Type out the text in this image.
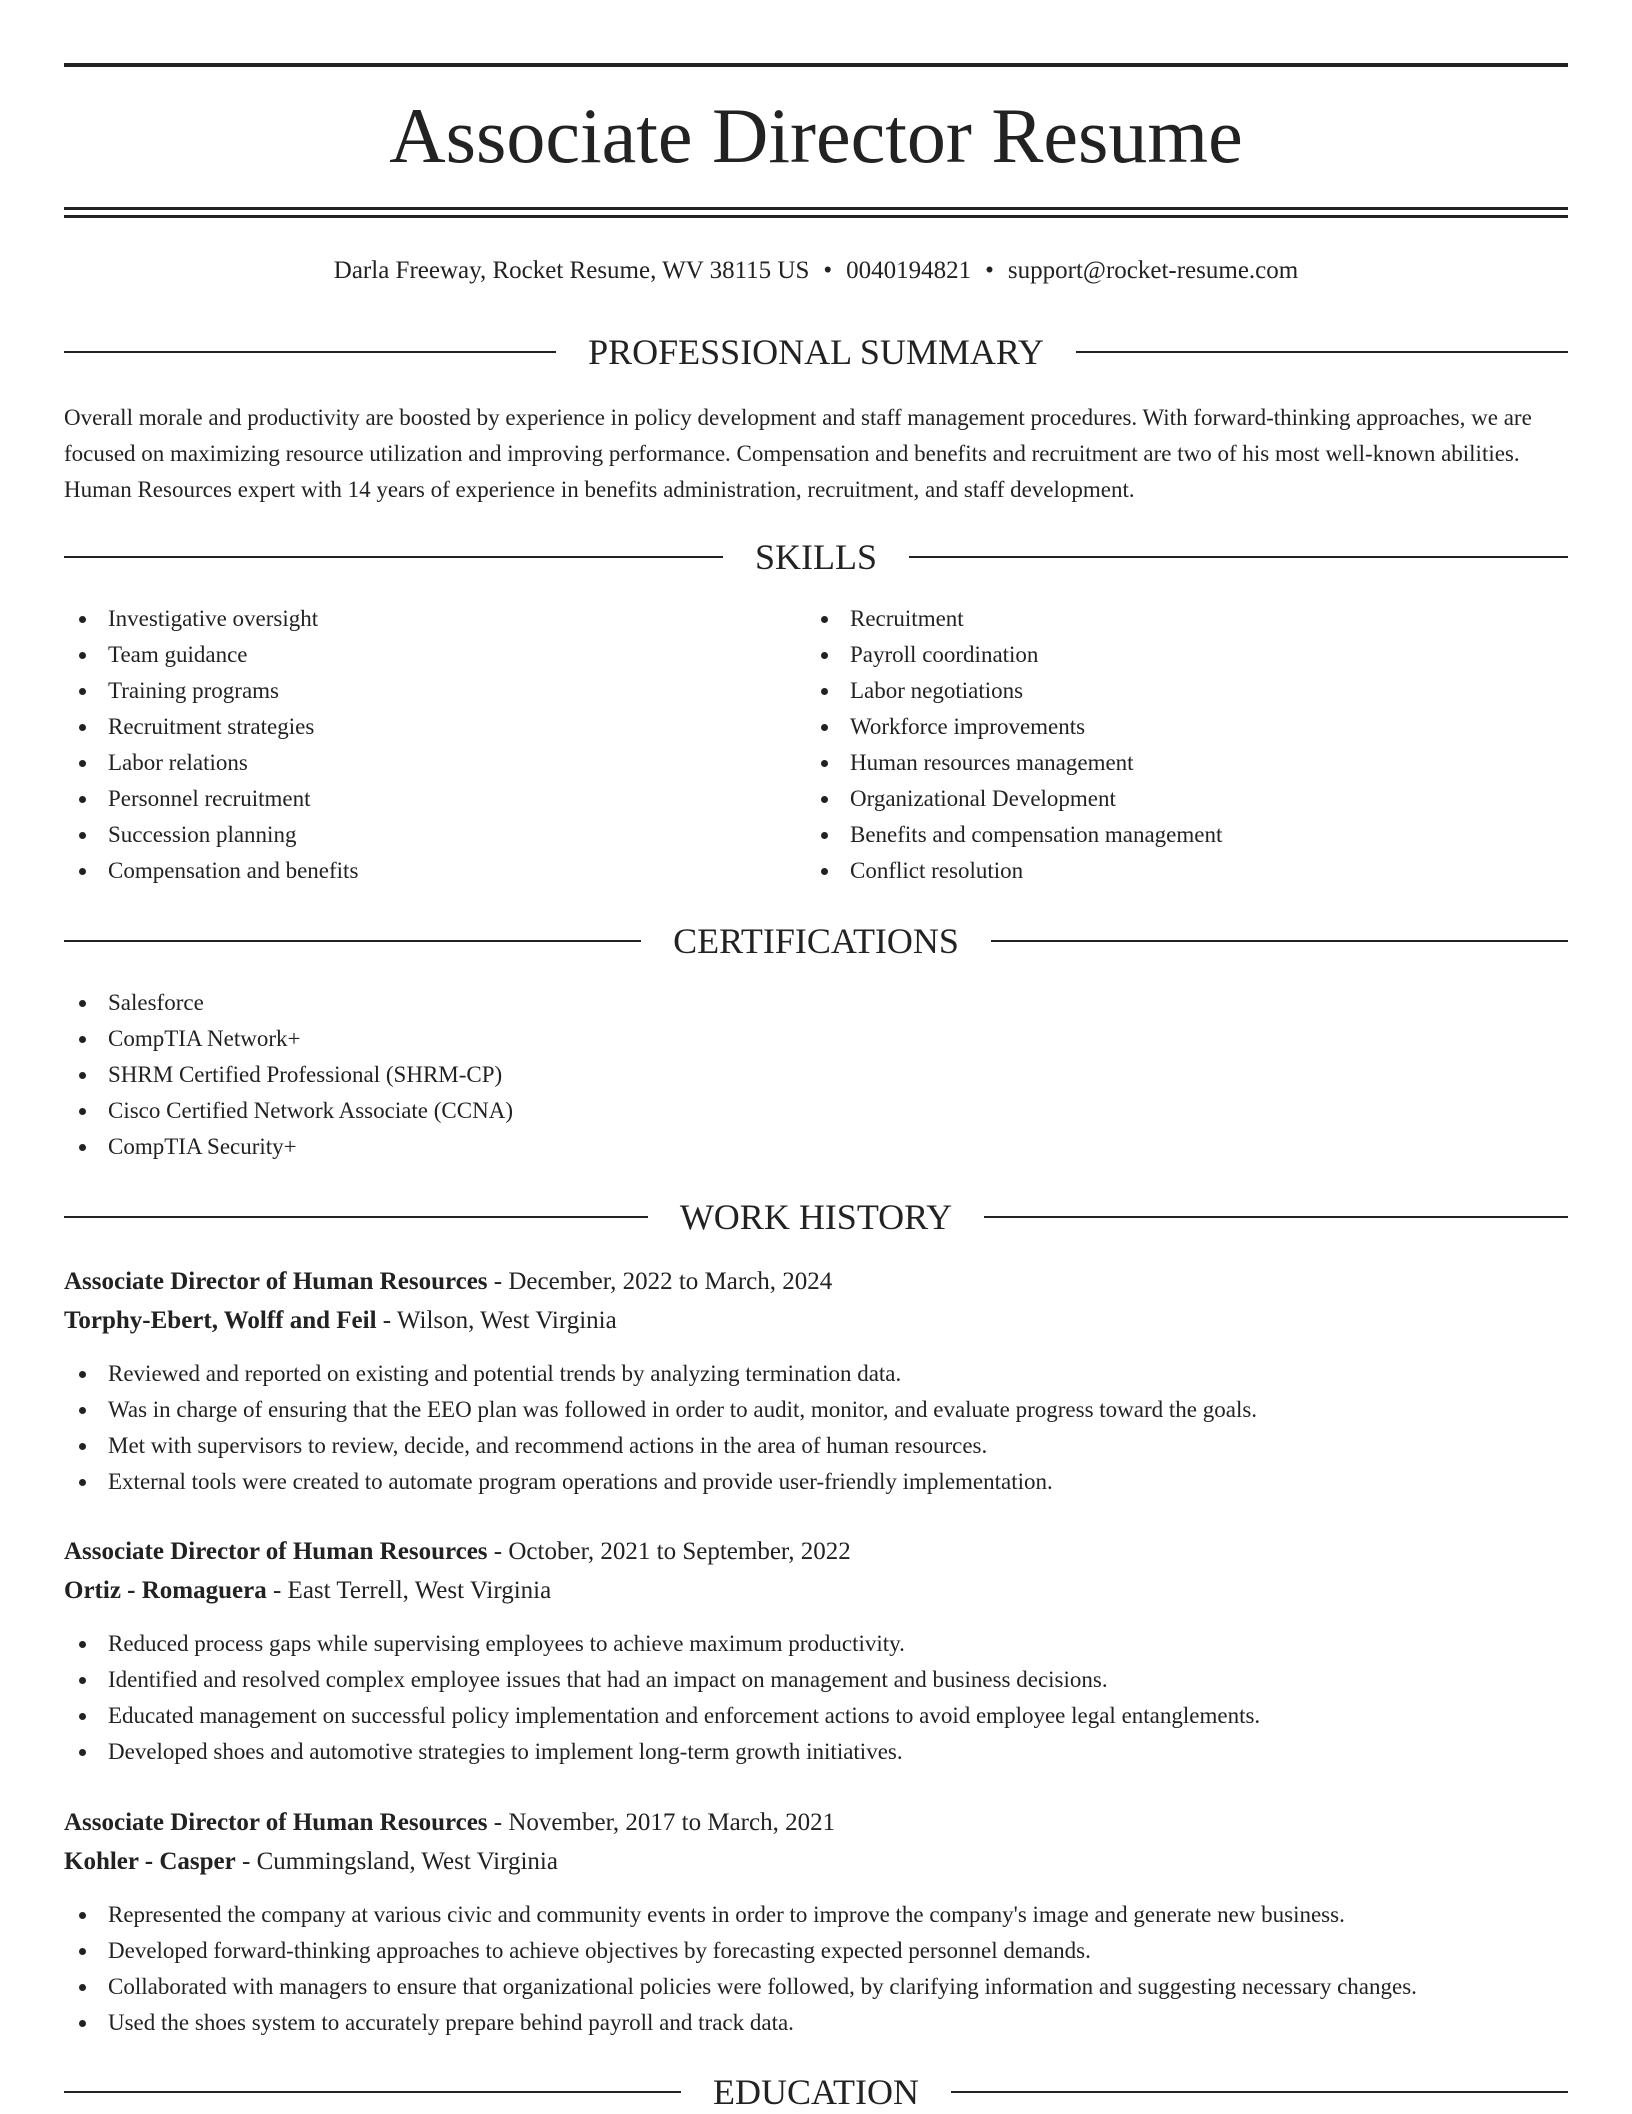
Associate Director Resume
Darla Freeway, Rocket Resume, WV 38115 US • 0040194821 • support@rocket-resume.com
PROFESSIONAL SUMMARY

Overall morale and productivity are boosted by experience in policy development and staff management procedures. With forward-thinking approaches, we are focused on maximizing resource utilization and improving performance. Compensation and benefits and recruitment are two of his most well-known abilities. Human Resources expert with 14 years of experience in benefits administration, recruitment, and staff development.

SKILLS
Investigative oversight
Team guidance
Training programs
Recruitment strategies
Labor relations
Personnel recruitment
Succession planning
Compensation and benefits
Recruitment
Payroll coordination
Labor negotiations
Workforce improvements
Human resources management
Organizational Development
Benefits and compensation management
Conflict resolution
CERTIFICATIONS
Salesforce
CompTIA Network+
SHRM Certified Professional (SHRM-CP)
Cisco Certified Network Associate (CCNA)
CompTIA Security+
WORK HISTORY
Associate Director of Human Resources - December, 2022 to March, 2024
Torphy-Ebert, Wolff and Feil - Wilson, West Virginia
Reviewed and reported on existing and potential trends by analyzing termination data.
Was in charge of ensuring that the EEO plan was followed in order to audit, monitor, and evaluate progress toward the goals.
Met with supervisors to review, decide, and recommend actions in the area of human resources.
External tools were created to automate program operations and provide user-friendly implementation.
Associate Director of Human Resources - October, 2021 to September, 2022
Ortiz - Romaguera - East Terrell, West Virginia
Reduced process gaps while supervising employees to achieve maximum productivity.
Identified and resolved complex employee issues that had an impact on management and business decisions.
Educated management on successful policy implementation and enforcement actions to avoid employee legal entanglements.
Developed shoes and automotive strategies to implement long-term growth initiatives.
Associate Director of Human Resources - November, 2017 to March, 2021
Kohler - Casper - Cummingsland, West Virginia
Represented the company at various civic and community events in order to improve the company's image and generate new business.
Developed forward-thinking approaches to achieve objectives by forecasting expected personnel demands.
Collaborated with managers to ensure that organizational policies were followed, by clarifying information and suggesting necessary changes.
Used the shoes system to accurately prepare behind payroll and track data.
EDUCATION
